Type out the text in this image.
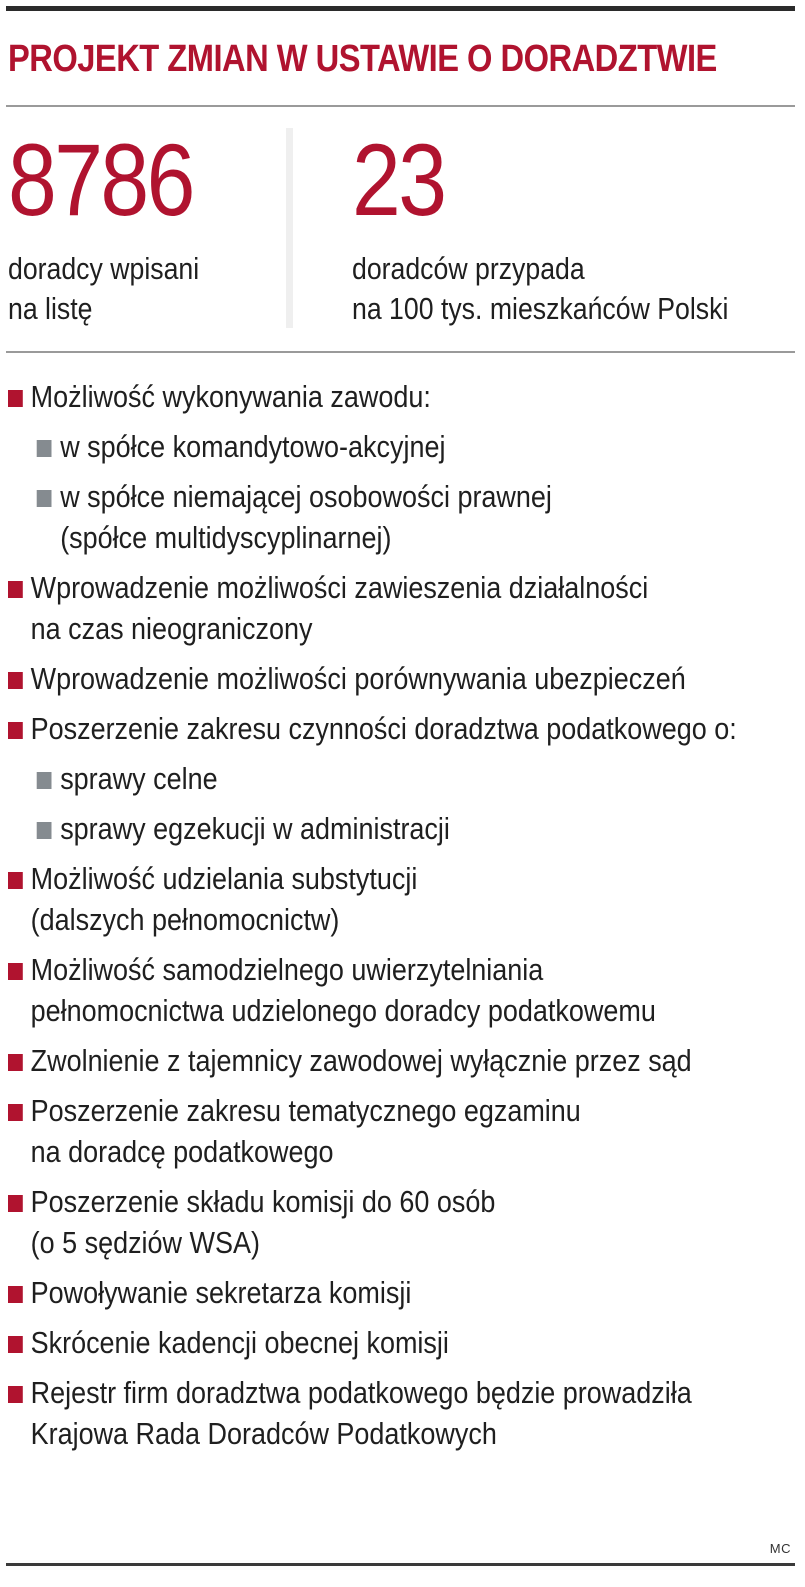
PROJEKT ZMIAN W USTAWIE O DORADZTWIE
8786
doradcy wpisani
na listę
23
doradców przypada
na 100 tys. mieszkańców Polski
Możliwość wykonywania zawodu:
w spółce komandytowo-akcyjnej
w spółce niemającej osobowości prawnej
(spółce multidyscyplinarnej)
Wprowadzenie możliwości zawieszenia działalności
na czas nieograniczony
Wprowadzenie możliwości porównywania ubezpieczeń
Poszerzenie zakresu czynności doradztwa podatkowego o:
sprawy celne
sprawy egzekucji w administracji
Możliwość udzielania substytucji
(dalszych pełnomocnictw)
Możliwość samodzielnego uwierzytelniania
pełnomocnictwa udzielonego doradcy podatkowemu
Zwolnienie z tajemnicy zawodowej wyłącznie przez sąd
Poszerzenie zakresu tematycznego egzaminu
na doradcę podatkowego
Poszerzenie składu komisji do 60 osób
(o 5 sędziów WSA)
Powoływanie sekretarza komisji
Skrócenie kadencji obecnej komisji
Rejestr firm doradztwa podatkowego będzie prowadziła
Krajowa Rada Doradców Podatkowych
MC
